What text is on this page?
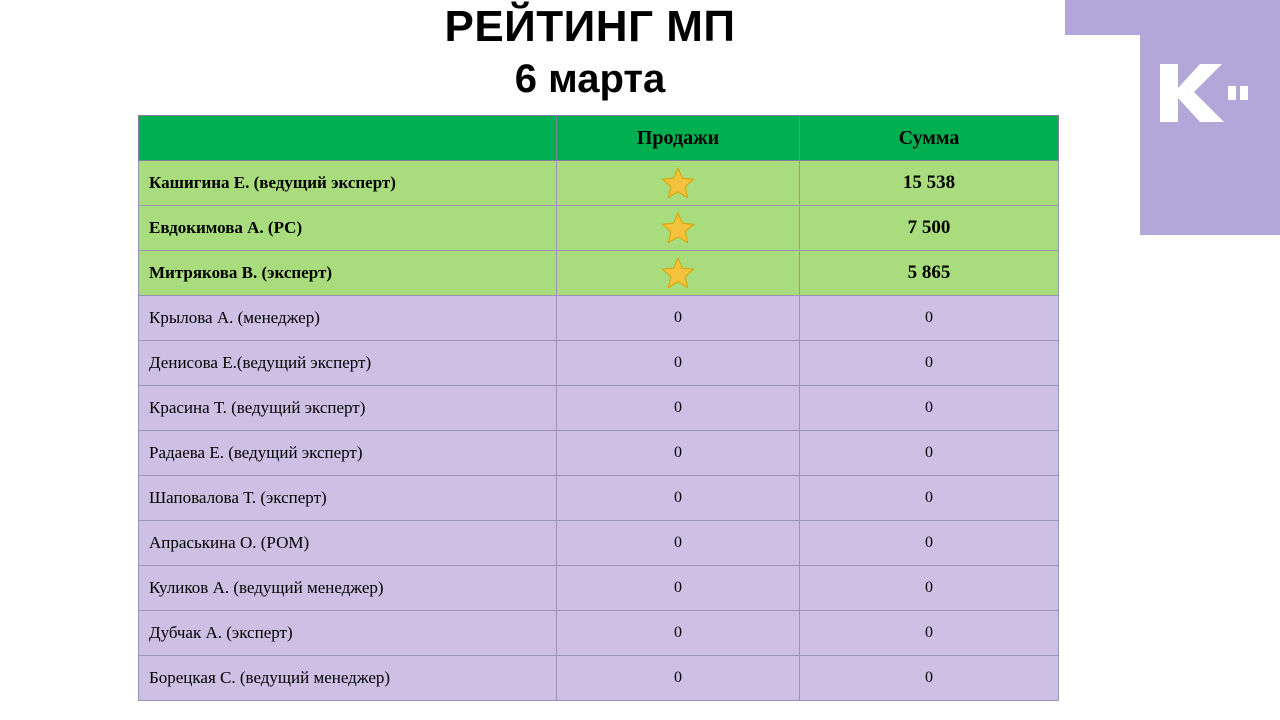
РЕЙТИНГ МП
6 марта
	Продажи	Сумма
Кашигина Е. (ведущий эксперт)		15 538
Евдокимова А. (РС)		7 500
Митрякова В. (эксперт)		5 865
Крылова А. (менеджер)	0	0
Денисова Е.(ведущий эксперт)	0	0
Красина Т. (ведущий эксперт)	0	0
Радаева Е. (ведущий эксперт)	0	0
Шаповалова Т. (эксперт)	0	0
Апраськина О. (РОМ)	0	0
Куликов А. (ведущий менеджер)	0	0
Дубчак А. (эксперт)	0	0
Борецкая С. (ведущий менеджер)	0	0
